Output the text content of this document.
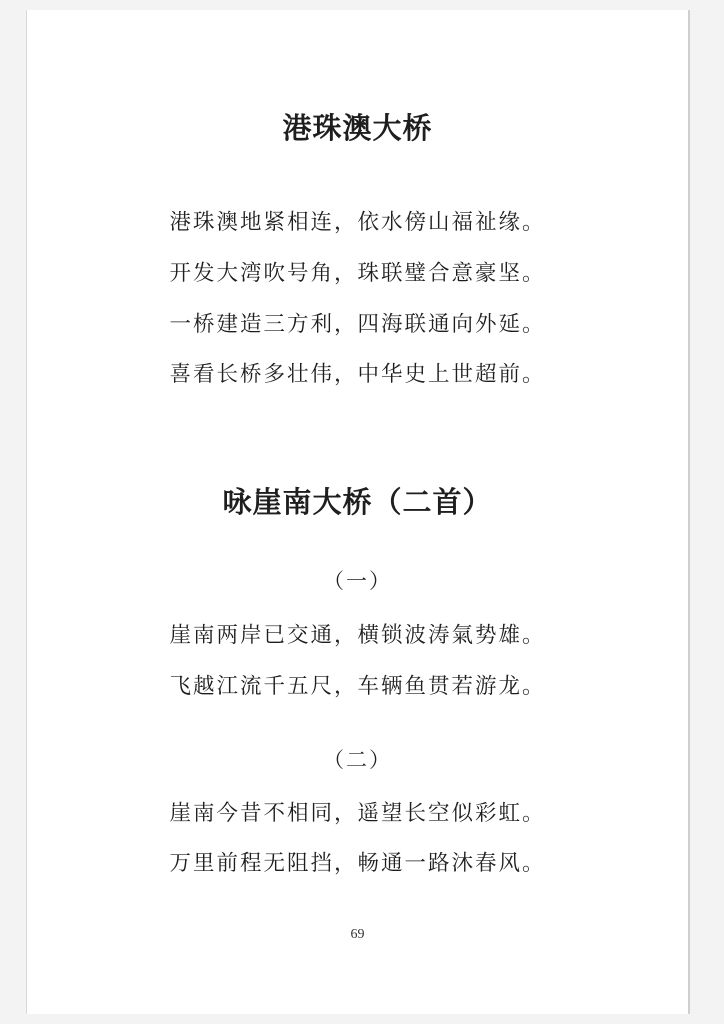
港珠澳大桥
港珠澳地紧相连，依水傍山福祉缘。
开发大湾吹号角，珠联璧合意豪坚。
一桥建造三方利，四海联通向外延。
喜看长桥多壮伟，中华史上世超前。
咏崖南大桥（二首）
（一）
崖南两岸已交通，横锁波涛氣势雄。
飞越江流千五尺，车辆鱼贯若游龙。
（二）
崖南今昔不相同，遥望长空似彩虹。
万里前程无阻挡，畅通一路沐春风。
69
